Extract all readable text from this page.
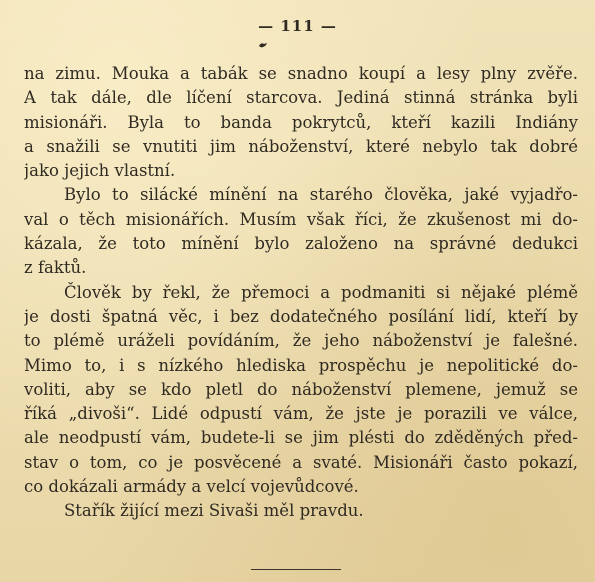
— 111 —
na zimu. Mouka a tabák se snadno koupí a lesy plny zvěře.
A tak dále, dle líčení starcova. Jediná stinná stránka byli
misionáři. Byla to banda pokrytců, kteří kazili Indiány
a snažili se vnutiti jim náboženství, které nebylo tak dobré
jako jejich vlastní.
Bylo to silácké mínění na starého člověka, jaké vyjadřo-
val o těch misionářích. Musím však říci, že zkušenost mi do-
kázala, že toto mínění bylo založeno na správné dedukci
z faktů.
Člověk by řekl, že přemoci a podmaniti si nějaké plémě
je dosti špatná věc, i bez dodatečného posílání lidí, kteří by
to plémě uráželi povídáním, že jeho náboženství je falešné.
Mimo to, i s nízkého hlediska prospěchu je nepolitické do-
voliti, aby se kdo pletl do náboženství plemene, jemuž se
říká „divoši“. Lidé odpustí vám, že jste je porazili ve válce,
ale neodpustí vám, budete-li se jim plésti do zděděných před-
stav o tom, co je posvěcené a svaté. Misionáři často pokazí,
co dokázali armády a velcí vojevůdcové.
Stařík žijící mezi Sivaši měl pravdu.
